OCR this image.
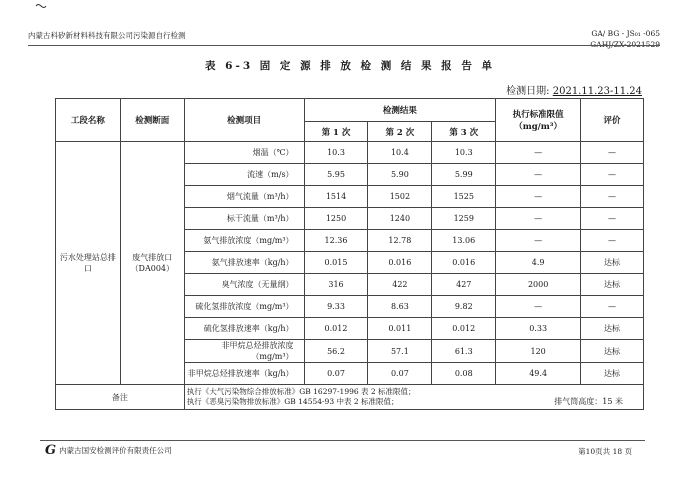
内蒙古科矽新材料科技有限公司污染源自行检测	GA/ BG - JS₀₁ -065
GAHJ/ZX-2021529
表 6-3 固 定 源 排 放 检 测 结 果 报 告 单
检测日期: 2021.11.23-11.24
工段名称	检测断面	检测项目	检测结果			执行标准限值（mg/m³）	评价
			第 1 次	第 2 次	第 3 次		
污水处理站总排口	废气排放口（DA004）	烟温（℃）	10.3	10.4	10.3	—	—
		流速（m/s）	5.95	5.90	5.99	—	—
		烟气流量（m³/h）	1514	1502	1525	—	—
		标干流量（m³/h）	1250	1240	1259	—	—
		氨气排放浓度（mg/m³）	12.36	12.78	13.06	—	—
		氨气排放速率（kg/h）	0.015	0.016	0.016	4.9	达标
		臭气浓度（无量纲）	316	422	427	2000	达标
		硫化氢排放浓度（mg/m³）	9.33	8.63	9.82	—	—
		硫化氢排放速率（kg/h）	0.012	0.011	0.012	0.33	达标
		非甲烷总烃排放浓度（mg/m³）	56.2	57.1	61.3	120	达标
		非甲烷总烃排放速率（kg/h）	0.07	0.07	0.08	49.4	达标
备注		执行《大气污染物综合排放标准》GB 16297-1996 表 2 标准限值；
执行《恶臭污染物排放标准》GB 14554-93 中表 2 标准限值； 排气筒高度：15 米					
G 内蒙古国安检测评价有限责任公司	第10页共 18 页
